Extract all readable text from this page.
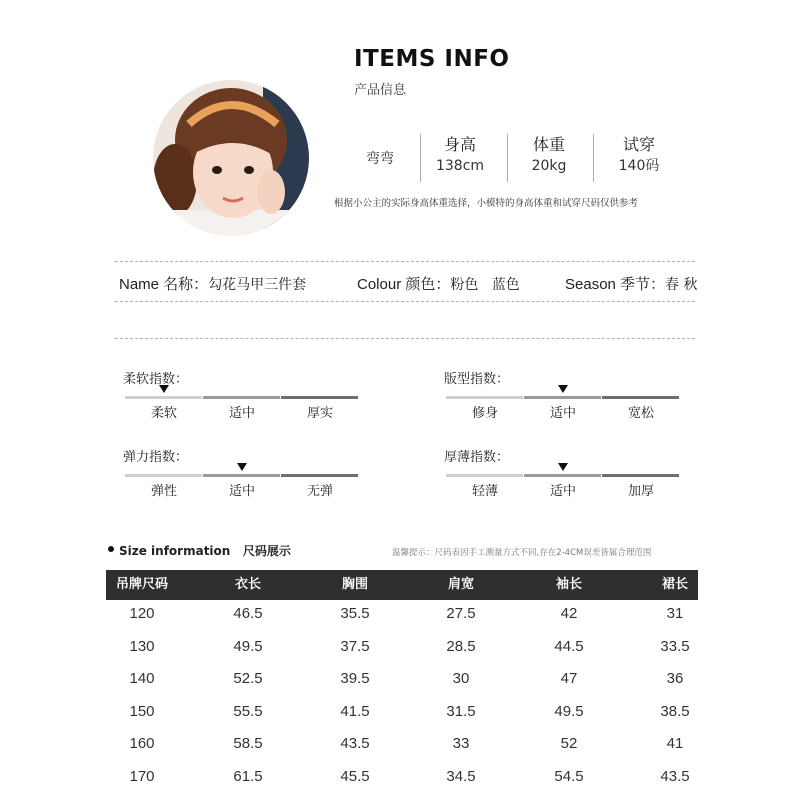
ITEMS INFO
产品信息
弯弯
身高
138cm
体重
20kg
试穿
140码
根据小公主的实际身高体重选择，小模特的身高体重和试穿尺码仅供参考
Name 名称：勾花马甲三件套	Colour 颜色：粉色   蓝色	Season 季节：春 秋
柔软指数：
柔软	适中	厚实
版型指数：
修身	适中	宽松
弹力指数：
弹性	适中	无弹
厚薄指数：
轻薄	适中	加厚
Size information   尺码展示	温馨提示：尺码表因手工测量方式不同,存在2-4CM误差皆属合理范围
吊牌尺码	衣长	胸围	肩宽	袖长	裙长
120	46.5	35.5	27.5	42	31
130	49.5	37.5	28.5	44.5	33.5
140	52.5	39.5	30	47	36
150	55.5	41.5	31.5	49.5	38.5
160	58.5	43.5	33	52	41
170	61.5	45.5	34.5	54.5	43.5
